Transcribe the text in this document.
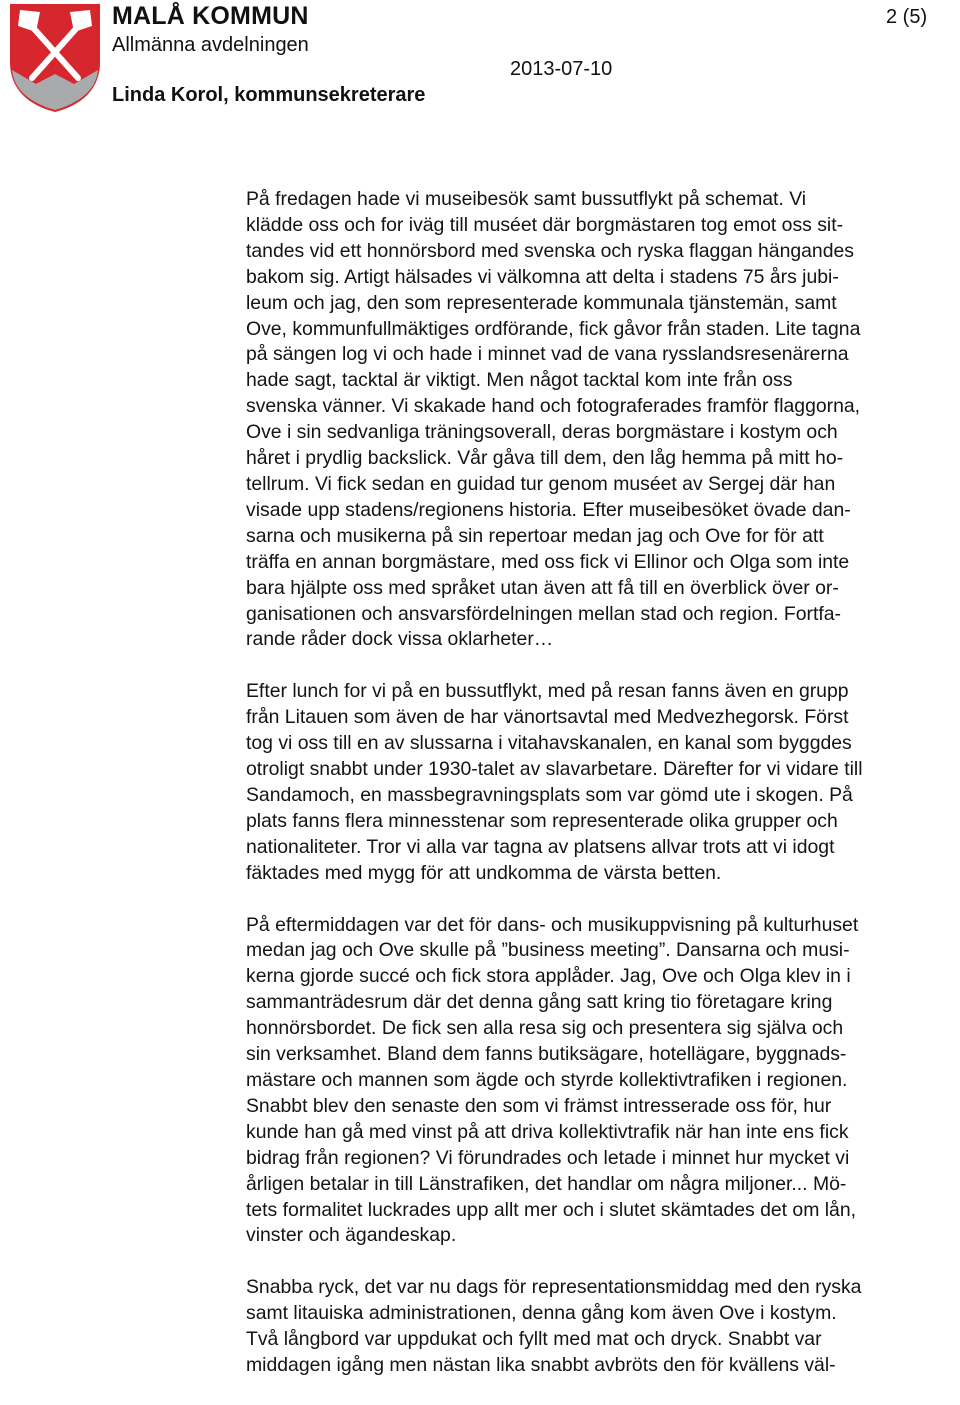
MALÅ KOMMUN
Allmänna avdelningen
Linda Korol, kommunsekreterare
2013-07-10
2 (5)

På fredagen hade vi museibesök samt bussutflykt på schemat. Vi
klädde oss och for iväg till muséet där borgmästaren tog emot oss sit-
tandes vid ett honnörsbord med svenska och ryska flaggan hängandes
bakom sig. Artigt hälsades vi välkomna att delta i stadens 75 års jubi-
leum och jag, den som representerade kommunala tjänstemän, samt
Ove, kommunfullmäktiges ordförande, fick gåvor från staden. Lite tagna
på sängen log vi och hade i minnet vad de vana rysslandsresenärerna
hade sagt, tacktal är viktigt. Men något tacktal kom inte från oss
svenska vänner. Vi skakade hand och fotograferades framför flaggorna,
Ove i sin sedvanliga träningsoverall, deras borgmästare i kostym och
håret i prydlig backslick. Vår gåva till dem, den låg hemma på mitt ho-
tellrum. Vi fick sedan en guidad tur genom muséet av Sergej där han
visade upp stadens/regionens historia. Efter museibesöket övade dan-
sarna och musikerna på sin repertoar medan jag och Ove for för att
träffa en annan borgmästare, med oss fick vi Ellinor och Olga som inte
bara hjälpte oss med språket utan även att få till en överblick över or-
ganisationen och ansvarsfördelningen mellan stad och region. Fortfa-
rande råder dock vissa oklarheter…

Efter lunch for vi på en bussutflykt, med på resan fanns även en grupp
från Litauen som även de har vänortsavtal med Medvezhegorsk. Först
tog vi oss till en av slussarna i vitahavskanalen, en kanal som byggdes
otroligt snabbt under 1930-talet av slavarbetare. Därefter for vi vidare till
Sandamoch, en massbegravningsplats som var gömd ute i skogen. På
plats fanns flera minnesstenar som representerade olika grupper och
nationaliteter. Tror vi alla var tagna av platsens allvar trots att vi idogt
fäktades med mygg för att undkomma de värsta betten.

På eftermiddagen var det för dans- och musikuppvisning på kulturhuset
medan jag och Ove skulle på ”business meeting”. Dansarna och musi-
kerna gjorde succé och fick stora applåder. Jag, Ove och Olga klev in i
sammanträdesrum där det denna gång satt kring tio företagare kring
honnörsbordet. De fick sen alla resa sig och presentera sig själva och
sin verksamhet. Bland dem fanns butiksägare, hotellägare, byggnads-
mästare och mannen som ägde och styrde kollektivtrafiken i regionen.
Snabbt blev den senaste den som vi främst intresserade oss för, hur
kunde han gå med vinst på att driva kollektivtrafik när han inte ens fick
bidrag från regionen? Vi förundrades och letade i minnet hur mycket vi
årligen betalar in till Länstrafiken, det handlar om några miljoner... Mö-
tets formalitet luckrades upp allt mer och i slutet skämtades det om lån,
vinster och ägandeskap.

Snabba ryck, det var nu dags för representationsmiddag med den ryska
samt litauiska administrationen, denna gång kom även Ove i kostym.
Två långbord var uppdukat och fyllt med mat och dryck. Snabbt var
middagen igång men nästan lika snabbt avbröts den för kvällens väl-
